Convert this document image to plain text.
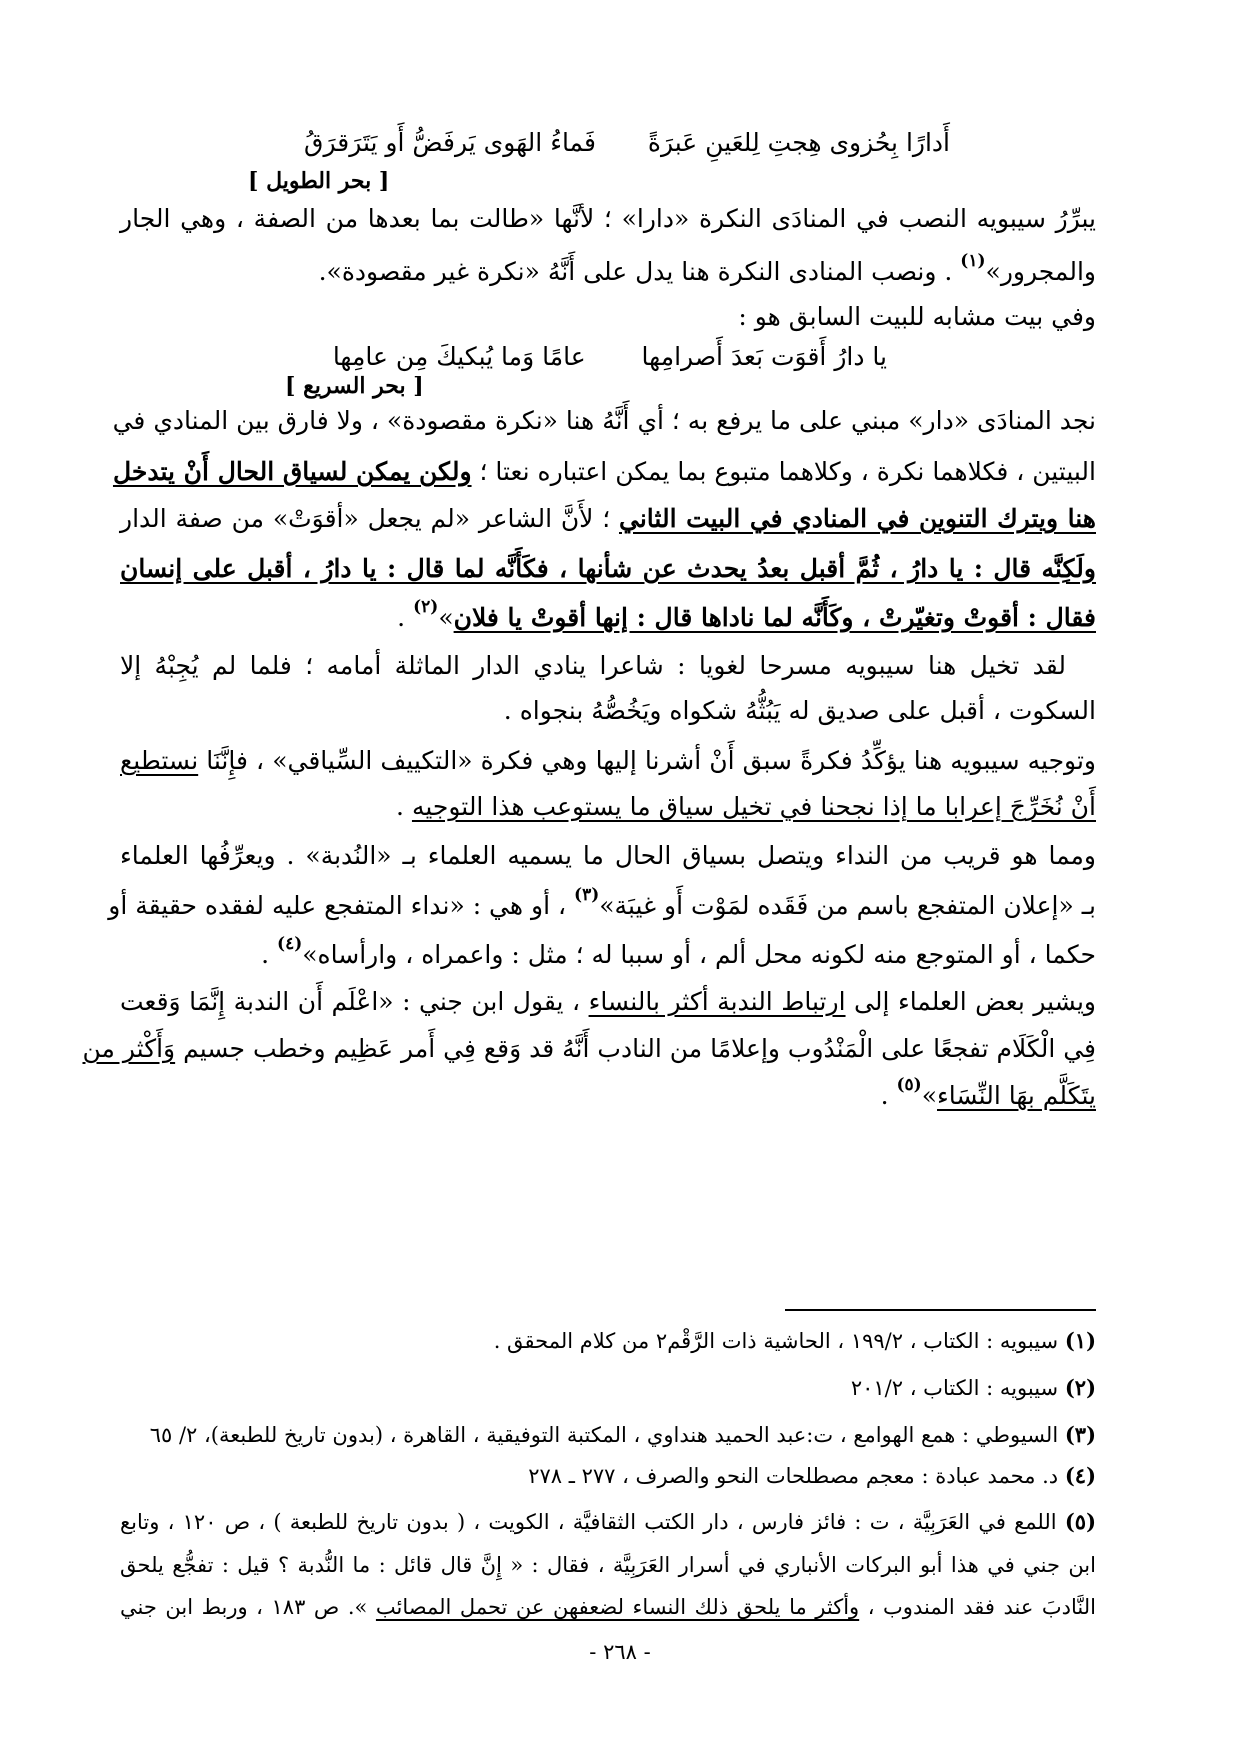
أَدارًا بِحُزوى هِجتِ لِلعَينِ عَبرَةً  فَماءُ الهَوى يَرفَضُّ أَو يَتَرَقرَقُ
[ بحر الطويل ]
يبرِّرُ سيبويه النصب في المنادَى النكرة «دارا» ؛ لأنَّها «طالت بما بعدها من الصفة ، وهي الجار
والمجرور»$^{(١)}$ . ونصب المنادى النكرة هنا يدل على أَنَّهُ «نكرة غير مقصودة».
وفي بيت مشابه للبيت السابق هو :
يا دارُ أَقوَت بَعدَ أَصرامِها  عامًا وَما يُبكيكَ مِن عامِها
[ بحر السريع ]
نجد المنادَى «دار» مبني على ما يرفع به ؛ أي أَنَّهُ هنا «نكرة مقصودة» ، ولا فارق بين المنادي في
البيتين ، فكلاهما نكرة ، وكلاهما متبوع بما يمكن اعتباره نعتا ؛ ولكن يمكن لسياق الحال أَنْ يتدخل
هنا ويترك التنوين في المنادي في البيت الثاني ؛ لأَنَّ الشاعر «لم يجعل «أقوَتْ» من صفة الدار
ولَكِنَّه قال : يا دارُ ، ثُمَّ أقبل بعدُ يحدث عن شأنها ، فكَأَنَّه لما قال : يا دارُ ، أقبل على إنسان
فقال : أقوتْ وتغيّرتْ ، وكَأَنَّه لما ناداها قال : إنها أقوتْ يا فلان»$^{(٢)}$ .
لقد تخيل هنا سيبويه مسرحا لغويا : شاعرا ينادي الدار الماثلة أمامه ؛ فلما لم يُجِبْهُ إلا
السكوت ، أقبل على صديق له يَبُثُّهُ شكواه ويَخُصُّهُ بنجواه .
وتوجيه سيبويه هنا يؤكِّدُ فكرةً سبق أَنْ أشرنا إليها وهي فكرة «التكييف السِّياقي» ، فإِنَّنَا نستطيع
أَنْ نُخَرِّجَ إعرابا ما إذا نجحنا في تخيل سياق ما يستوعب هذا التوجيه .
ومما هو قريب من النداء ويتصل بسياق الحال ما يسميه العلماء بـ «النُدبة» . ويعرِّفُها العلماء
بـ «إعلان المتفجع باسم من فَقَده لمَوْت أَو غيبَة»$^{(٣)}$ ، أو هي : «نداء المتفجع عليه لفقده حقيقة أو
حكما ، أو المتوجع منه لكونه محل ألم ، أو سببا له ؛ مثل : واعمراه ، وارأساه»$^{(٤)}$ .
ويشير بعض العلماء إلى ارتباط الندبة أكثر بالنساء ، يقول ابن جني : «اعْلَم أَن الندبة إِنَّمَا وَقعت
فِي الْكَلَام تفجعًا على الْمَنْدُوب وإعلامًا من النادب أَنَّهُ قد وَقع فِي أَمر عَظِيم وخطب جسيم وَأَكْثر من
يتَكَلَّم بهَا النِّسَاء»$^{(٥)}$ .
(١) سيبويه : الكتاب ، ١٩٩/٢ ، الحاشية ذات الرَّقْم٢ من كلام المحقق .
(٢) سيبويه : الكتاب ، ٢٠١/٢
(٣) السيوطي : همع الهوامع ، ت:عبد الحميد هنداوي ، المكتبة التوفيقية ، القاهرة ، (بدون تاريخ للطبعة)، ٢/ ٦٥
(٤) د. محمد عبادة : معجم مصطلحات النحو والصرف ، ٢٧٧ ـ ٢٧٨
(٥) اللمع في العَرَبِيَّة ، ت : فائز فارس ، دار الكتب الثقافيَّة ، الكويت ، ( بدون تاريخ للطبعة ) ، ص ١٢٠ ، وتابع
ابن جني في هذا أبو البركات الأنباري في أسرار العَرَبِيَّة ، فقال : « إِنَّ قال قائل : ما النُّدبة ؟ قيل : تفجُّع يلحق
النَّادبَ عند فقد المندوب ، وأكثر ما يلحق ذلك النساء لضعفهن عن تحمل المصائب ». ص ١٨٣ ، وربط ابن جني
- ٢٦٨ -
